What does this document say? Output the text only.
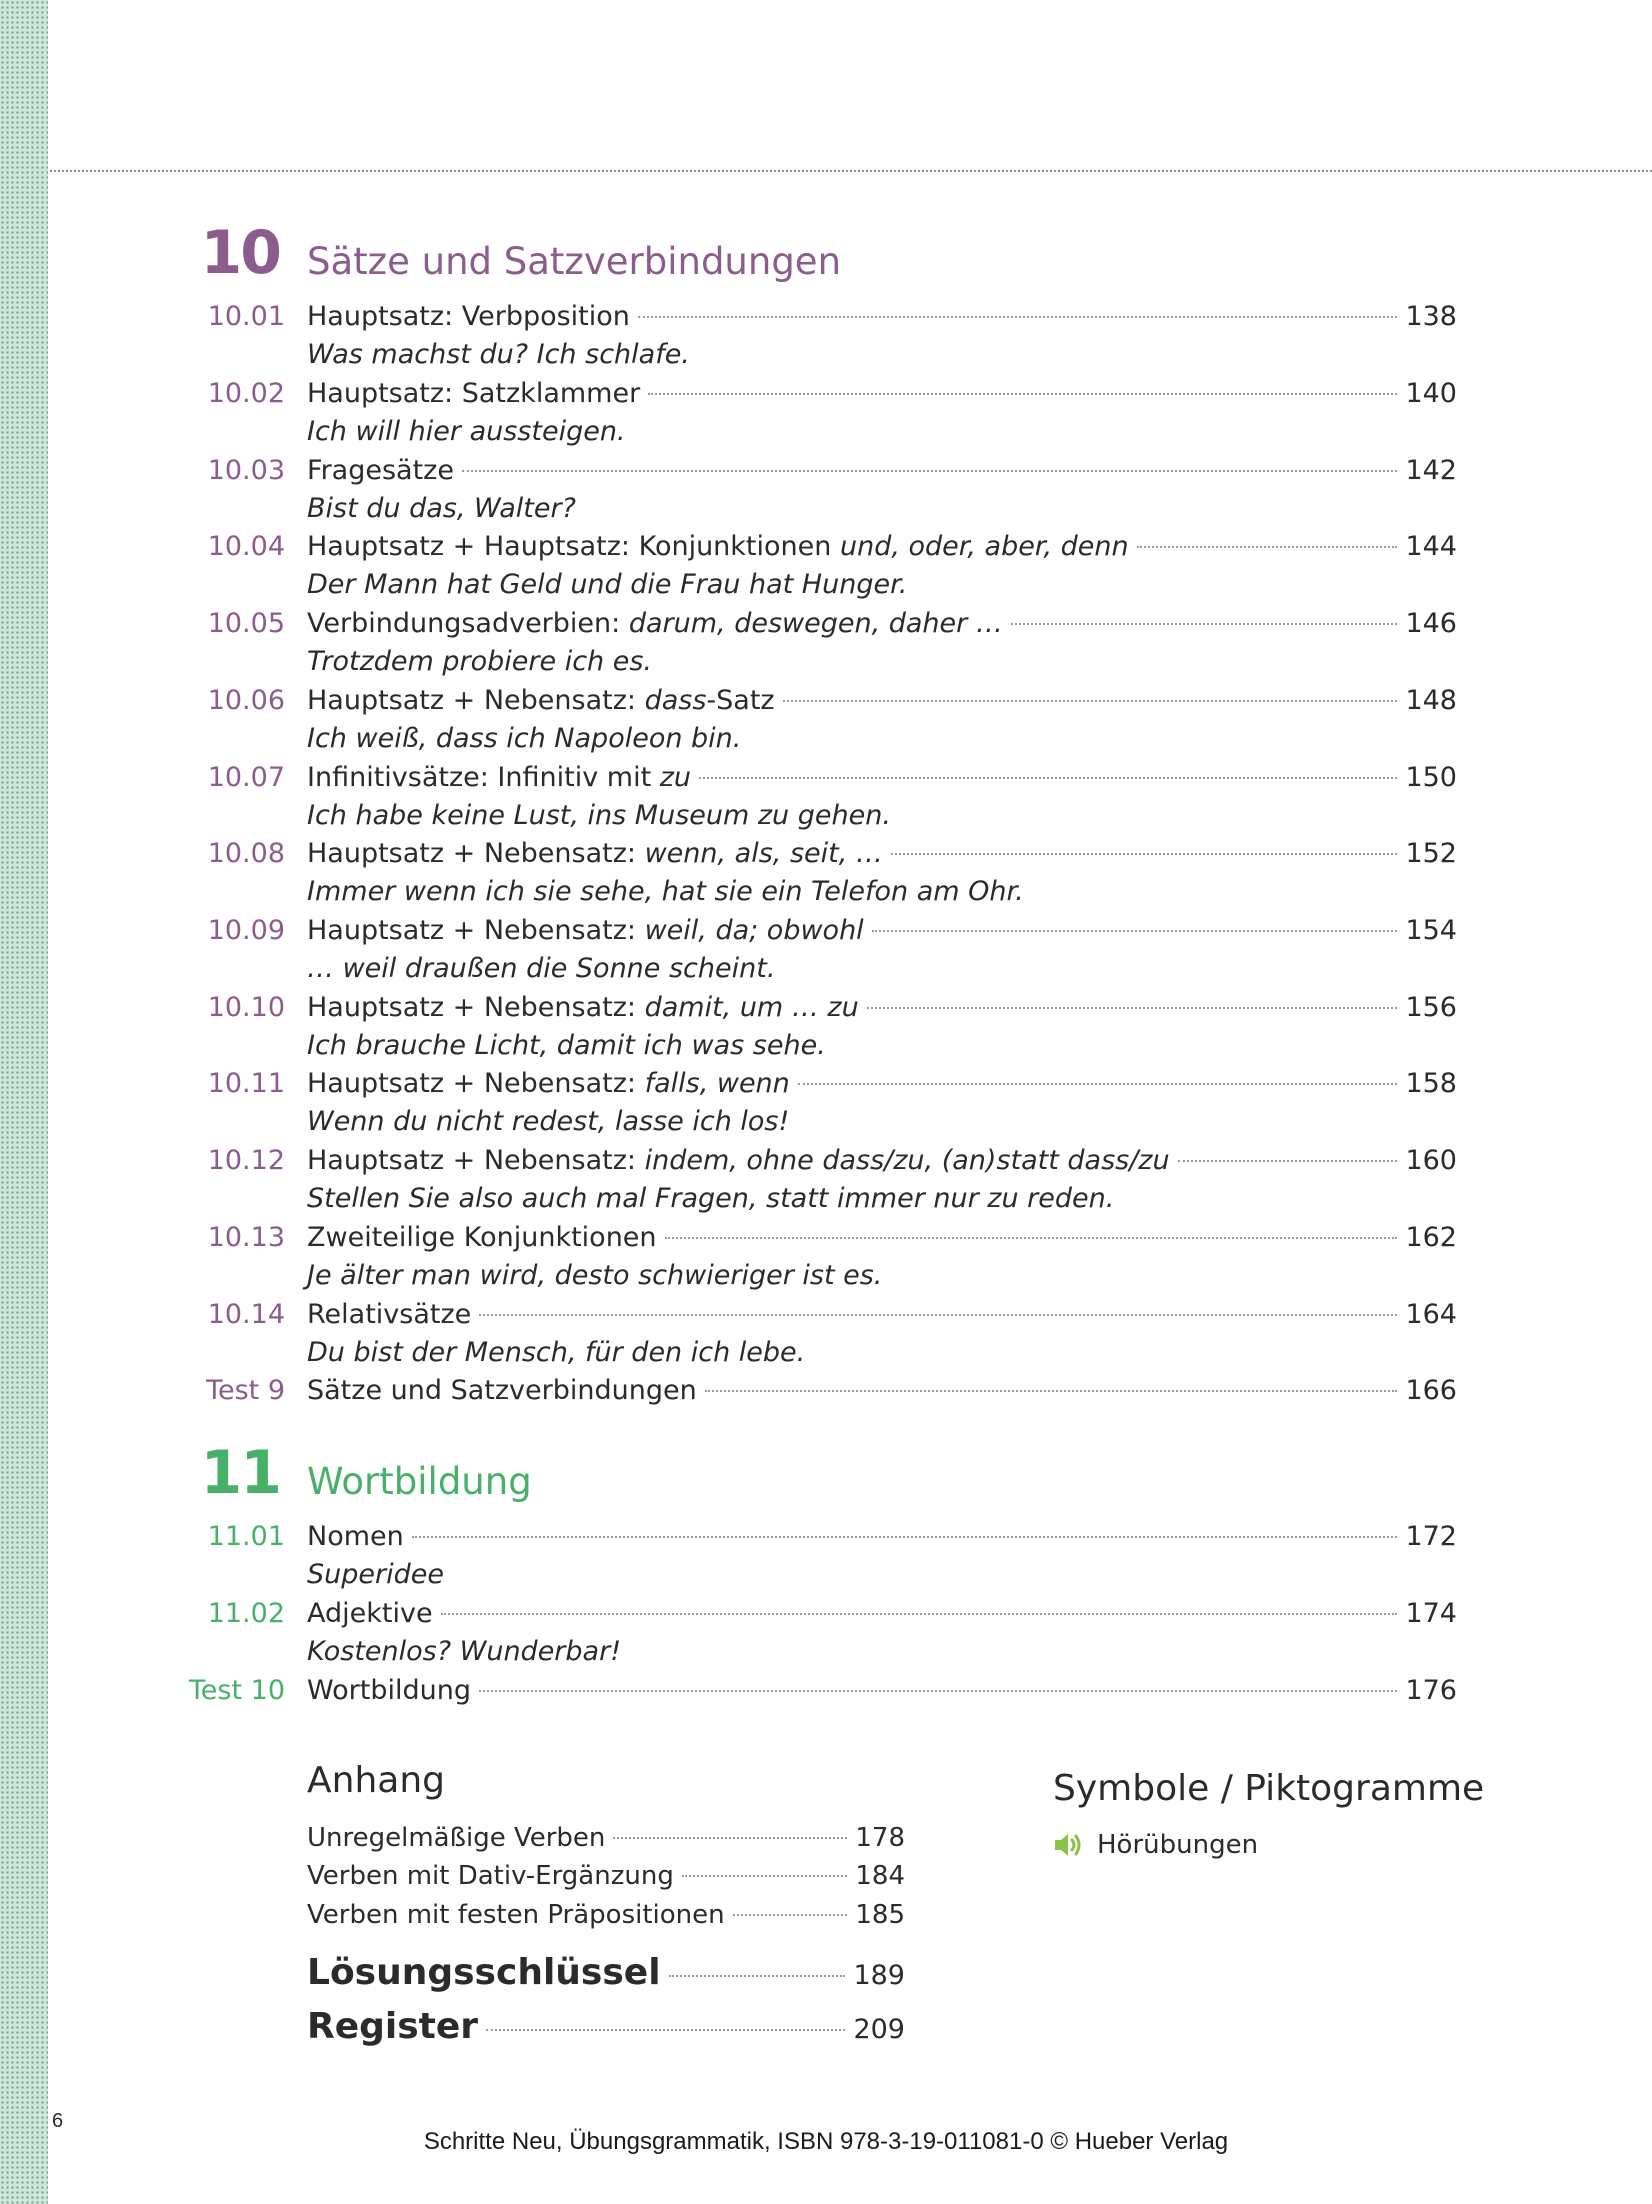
10 Sätze und Satzverbindungen
10.01 Hauptsatz: Verbposition	138
Was machst du? Ich schlafe.
10.02 Hauptsatz: Satzklammer	140
Ich will hier aussteigen.
10.03 Fragesätze	142
Bist du das, Walter?
10.04 Hauptsatz + Hauptsatz: Konjunktionen und, oder, aber, denn	144
Der Mann hat Geld und die Frau hat Hunger.
10.05 Verbindungsadverbien: darum, deswegen, daher …	146
Trotzdem probiere ich es.
10.06 Hauptsatz + Nebensatz: dass-Satz	148
Ich weiß, dass ich Napoleon bin.
10.07 Infinitivsätze: Infinitiv mit zu	150
Ich habe keine Lust, ins Museum zu gehen.
10.08 Hauptsatz + Nebensatz: wenn, als, seit, …	152
Immer wenn ich sie sehe, hat sie ein Telefon am Ohr.
10.09 Hauptsatz + Nebensatz: weil, da; obwohl	154
… weil draußen die Sonne scheint.
10.10 Hauptsatz + Nebensatz: damit, um … zu	156
Ich brauche Licht, damit ich was sehe.
10.11 Hauptsatz + Nebensatz: falls, wenn	158
Wenn du nicht redest, lasse ich los!
10.12 Hauptsatz + Nebensatz: indem, ohne dass/zu, (an)statt dass/zu	160
Stellen Sie also auch mal Fragen, statt immer nur zu reden.
10.13 Zweiteilige Konjunktionen	162
Je älter man wird, desto schwieriger ist es.
10.14 Relativsätze	164
Du bist der Mensch, für den ich lebe.
Test 9 Sätze und Satzverbindungen	166
11 Wortbildung
11.01 Nomen	172
Superidee
11.02 Adjektive	174
Kostenlos? Wunderbar!
Test 10 Wortbildung	176
Anhang
Unregelmäßige Verben	178
Verben mit Dativ-Ergänzung	184
Verben mit festen Präpositionen	185
Lösungsschlüssel	189
Register	209
Symbole / Piktogramme
Hörübungen
6
Schritte Neu, Übungsgrammatik, ISBN 978-3-19-011081-0 © Hueber Verlag
